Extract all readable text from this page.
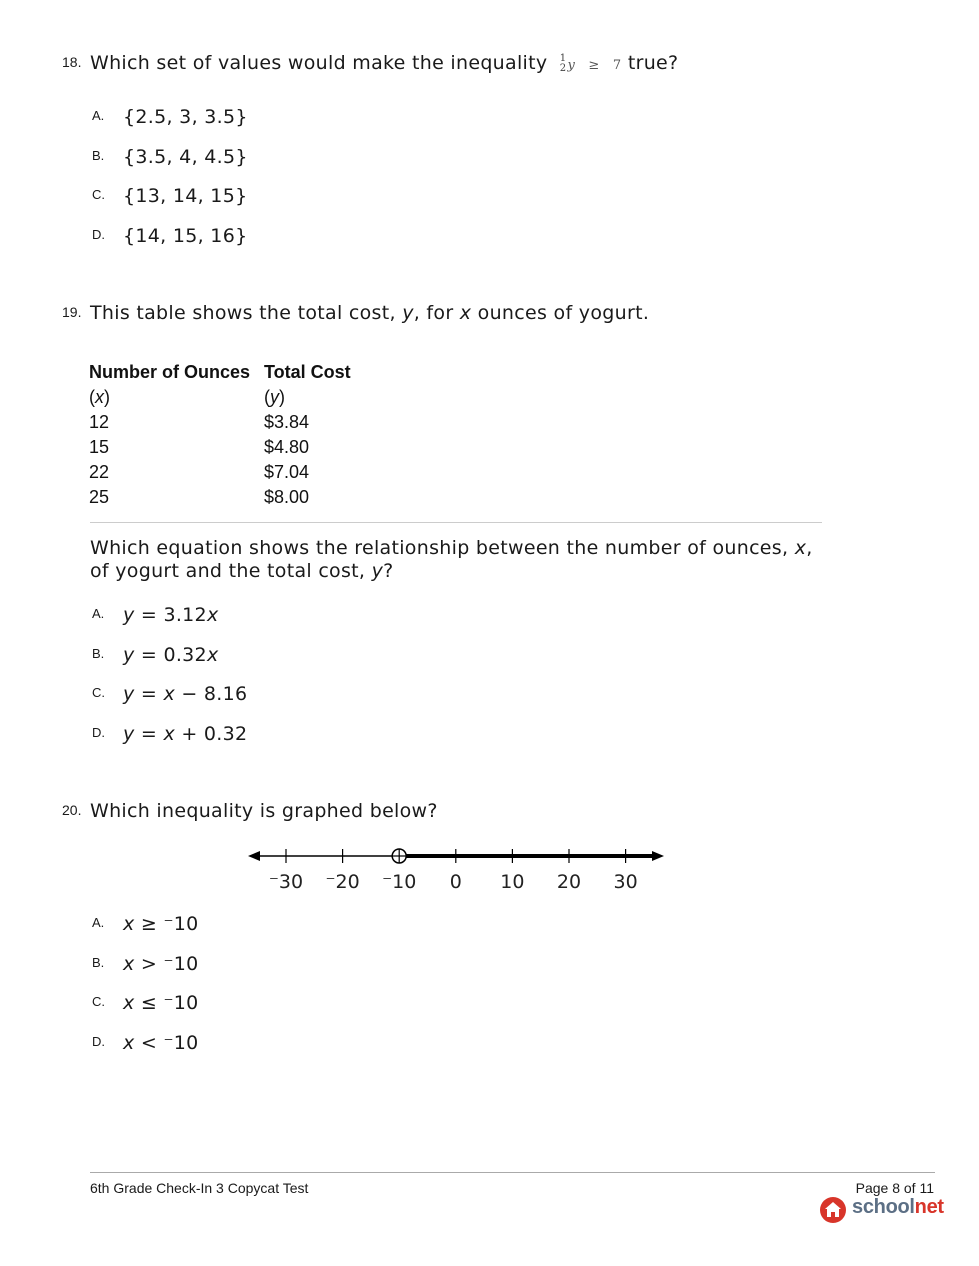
18. Which set of values would make the inequality 1
2 y ≥ 7 true?
A. {2.5, 3, 3.5}
B. {3.5, 4, 4.5}
C. {13, 14, 15}
D. {14, 15, 16}
19. This table shows the total cost, y, for x ounces of yogurt.
Number of Ounces	Total Cost
(x)	(y)
12	$3.84
15	$4.80
22	$7.04
25	$8.00
Which equation shows the relationship between the number of ounces, x,
of yogurt and the total cost, y?
A. y = 3.12x
B. y = 0.32x
C. y = x − 8.16
D. y = x + 0.32
20. Which inequality is graphed below?
⁻30 ⁻20 ⁻10 0 10 20 30
A. x ≥ ⁻10
B. x > ⁻10
C. x ≤ ⁻10
D. x < ⁻10
6th Grade Check-In 3 Copycat Test	Page 8 of 11
schoolnet
